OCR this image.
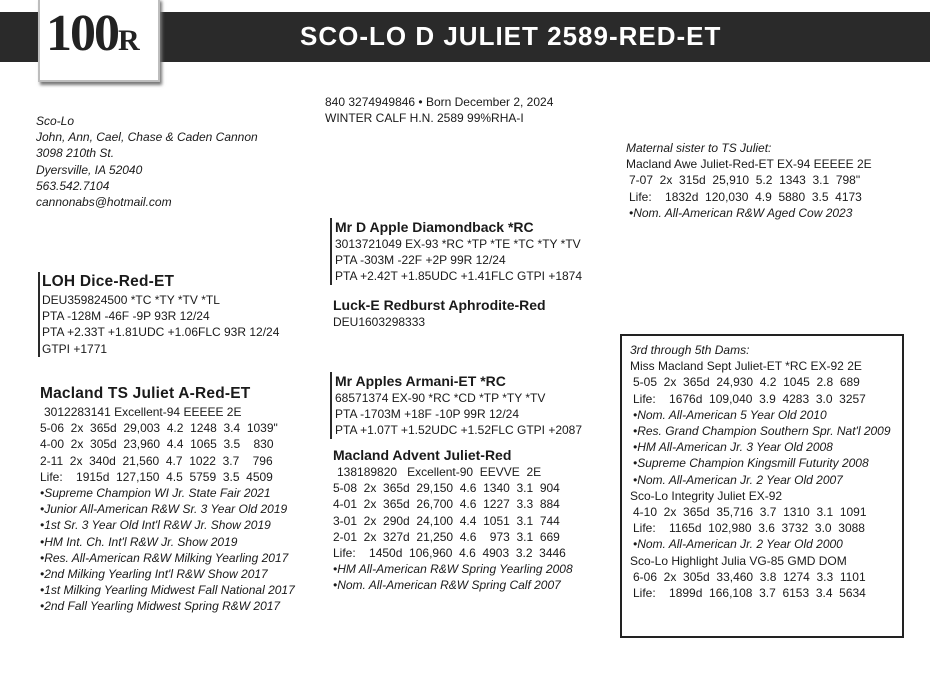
100R	SCO-LO D JULIET 2589-RED-ET
Sco-Lo
John, Ann, Cael, Chase & Caden Cannon
3098 210th St.
Dyersville, IA 52040
563.542.7104
cannonabs@hotmail.com
840 3274949846 • Born December 2, 2024
WINTER CALF H.N. 2589 99%RHA-I
Mr D Apple Diamondback *RC
3013721049 EX-93 *RC *TP *TE *TC *TY *TV
PTA -303M -22F +2P 99R 12/24
PTA +2.42T +1.85UDC +1.41FLC GTPI +1874
Luck-E Redburst Aphrodite-Red
DEU1603298333
LOH Dice-Red-ET
DEU359824500 *TC *TY *TV *TL
PTA -128M -46F -9P 93R 12/24
PTA +2.33T +1.81UDC +1.06FLC 93R 12/24
GTPI +1771
Macland TS Juliet A-Red-ET
3012283141 Excellent-94 EEEEE 2E
5-06  2x  365d  29,003  4.2  1248  3.4  1039"
4-00  2x  305d  23,960  4.4  1065  3.5    830
2-11  2x  340d  21,560  4.7  1022  3.7    796
Life:    1915d  127,150  4.5  5759  3.5  4509
•Supreme Champion WI Jr. State Fair 2021
•Junior All-American R&W Sr. 3 Year Old 2019
•1st Sr. 3 Year Old Int'l R&W Jr. Show 2019
•HM Int. Ch. Int'l R&W Jr. Show 2019
•Res. All-American R&W Milking Yearling 2017
•2nd Milking Yearling Int'l R&W Show 2017
•1st Milking Yearling Midwest Fall National 2017
•2nd Fall Yearling Midwest Spring R&W 2017
Mr Apples Armani-ET *RC
68571374 EX-90 *RC *CD *TP *TY *TV
PTA -1703M +18F -10P 99R 12/24
PTA +1.07T +1.52UDC +1.52FLC GTPI +2087
Macland Advent Juliet-Red
138189820   Excellent-90  EEVVE  2E
5-08  2x  365d  29,150  4.6  1340  3.1  904
4-01  2x  365d  26,700  4.6  1227  3.3  884
3-01  2x  290d  24,100  4.4  1051  3.1  744
2-01  2x  327d  21,250  4.6    973  3.1  669
Life:    1450d  106,960  4.6  4903  3.2  3446
•HM All-American R&W Spring Yearling 2008
•Nom. All-American R&W Spring Calf 2007
Maternal sister to TS Juliet:
Macland Awe Juliet-Red-ET EX-94 EEEEE 2E
7-07  2x  315d  25,910  5.2  1343  3.1  798"
Life:    1832d  120,030  4.9  5880  3.5  4173
•Nom. All-American R&W Aged Cow 2023
3rd through 5th Dams:
Miss Macland Sept Juliet-ET *RC EX-92 2E
5-05  2x  365d  24,930  4.2  1045  2.8  689
Life:    1676d  109,040  3.9  4283  3.0  3257
•Nom. All-American 5 Year Old 2010
•Res. Grand Champion Southern Spr. Nat'l 2009
•HM All-American Jr. 3 Year Old 2008
•Supreme Champion Kingsmill Futurity 2008
•Nom. All-American Jr. 2 Year Old 2007
Sco-Lo Integrity Juliet EX-92
4-10  2x  365d  35,716  3.7  1310  3.1  1091
Life:    1165d  102,980  3.6  3732  3.0  3088
•Nom. All-American Jr. 2 Year Old 2000
Sco-Lo Highlight Julia VG-85 GMD DOM
6-06  2x  305d  33,460  3.8  1274  3.3  1101
Life:    1899d  166,108  3.7  6153  3.4  5634
